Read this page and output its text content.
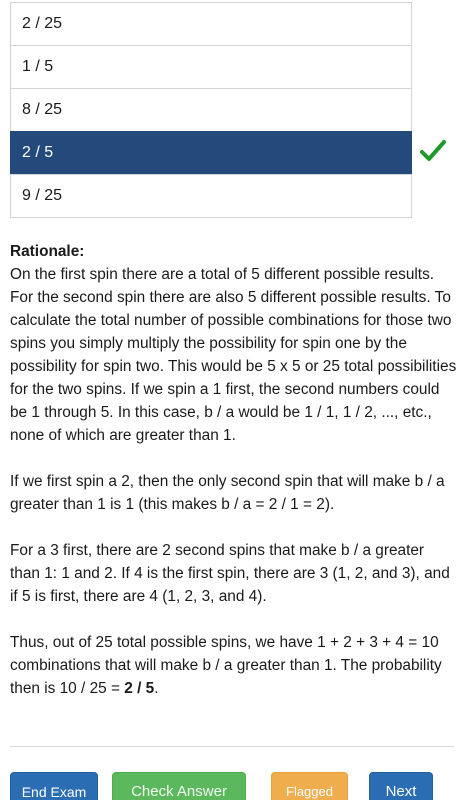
2 / 25
1 / 5
8 / 25
2 / 5
9 / 25
Rationale:

On the first spin there are a total of 5 different possible results. For the second spin there are also 5 different possible results. To calculate the total number of possible combinations for those two spins you simply multiply the possibility for spin one by the possibility for spin two. This would be 5 x 5 or 25 total possibilities for the two spins. If we spin a 1 first, the second numbers could be 1 through 5. In this case, b / a would be 1 / 1, 1 / 2, ..., etc., none of which are greater than 1.

If we first spin a 2, then the only second spin that will make b / a greater than 1 is 1 (this makes b / a = 2 / 1 = 2).

For a 3 first, there are 2 second spins that make b / a greater than 1: 1 and 2. If 4 is the first spin, there are 3 (1, 2, and 3), and if 5 is first, there are 4 (1, 2, 3, and 4).

Thus, out of 25 total possible spins, we have 1 + 2 + 3 + 4 = 10 combinations that will make b / a greater than 1. The probability then is 10 / 25 = 2 / 5.

End Exam	Check Answer	Flagged	Next
